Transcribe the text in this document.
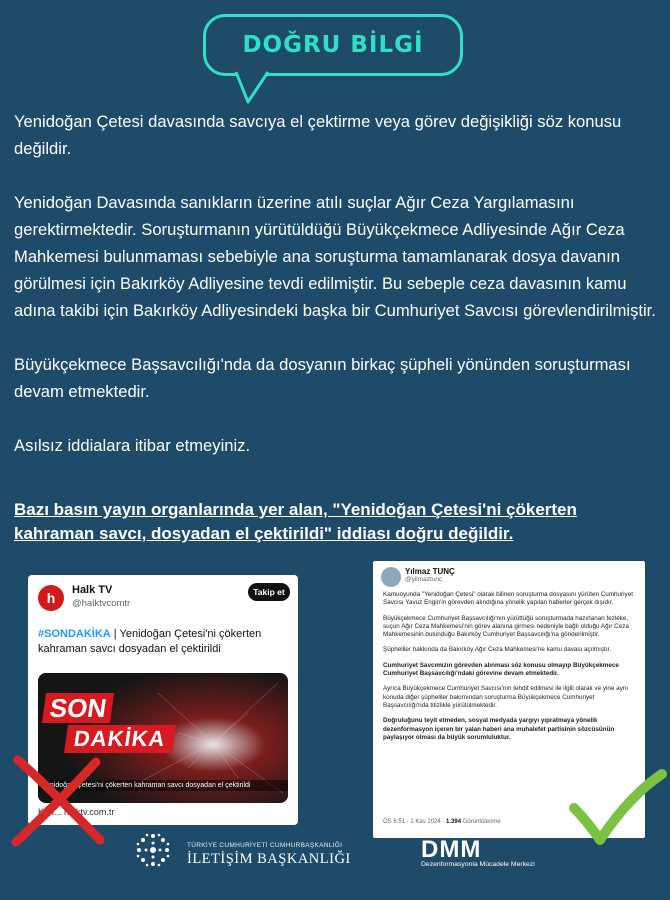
DOĞRU BİLGİ

Yenidoğan Çetesi davasında savcıya el çektirme veya görev değişikliği söz konusu değildir.

Yenidoğan Davasında sanıkların üzerine atılı suçlar Ağır Ceza Yargılamasını gerektirmektedir. Soruşturmanın yürütüldüğü Büyükçekmece Adliyesinde Ağır Ceza Mahkemesi bulunmaması sebebiyle ana soruşturma tamamlanarak dosya davanın görülmesi için Bakırköy Adliyesine tevdi edilmiştir. Bu sebeple ceza davasının kamu adına takibi için Bakırköy Adliyesindeki başka bir Cumhuriyet Savcısı görevlendirilmiştir.

Büyükçekmece Başsavcılığı'nda da dosyanın birkaç şüpheli yönünden soruşturması devam etmektedir.

Asılsız iddialara itibar etmeyiniz.

Bazı basın yayın organlarında yer alan, "Yenidoğan Çetesi'ni çökerten kahraman savcı, dosyadan el çektirildi" iddiası doğru değildir.
h	Halk TV
@halktvcomtr
Takip et
#SONDAKİKA | Yenidoğan Çetesi'ni çökerten kahraman savcı dosyadan el çektirildi
SON
DAKİKA
Yenidoğan Çetesi'ni çökerten kahraman savcı dosyadan el çektirildi
Kon... halktv.com.tr
Yılmaz TUNÇ
@yilmaztunc

Kamuoyunda "Yenidoğan Çetesi" olarak bilinen soruşturma dosyasını yürüten Cumhuriyet Savcısı Yavuz Engin'in görevden alındığına yönelik yapılan haberler gerçek dışıdır.

Büyükçekmece Cumhuriyet Başsavcılığı'nın yürüttüğü soruşturmada hazırlanan fezleke, suçun Ağır Ceza Mahkemesi'nin görev alanına girmesi nedeniyle bağlı olduğu Ağır Ceza Mahkemesinin bulunduğu Bakırköy Cumhuriyet Başsavcılığı'na gönderilmiştir.

Şüpheliler hakkında da Bakırköy Ağır Ceza Mahkemesi'ne kamu davası açılmıştır.

Cumhuriyet Savcımızın görevden alınması söz konusu olmayıp Büyükçekmece Cumhuriyet Başsavcılığı'ndaki görevine devam etmektedir.

Ayrıca Büyükçekmece Cumhuriyet Savcısı'nın tehdit edilmesi ile ilgili olarak ve yine aynı konuda diğer şüpheliler bakımından soruşturma Büyükçekmece Cumhuriyet Başsavcılığı'nda titizlikle yürütülmektedir.

Doğruluğunu teyit etmeden, sosyal medyada yargıyı yıpratmaya yönelik dezenformasyon içeren bir yalan haberi ana muhalefet partisinin sözcüsünün paylaşıyor olması da büyük sorumluluktur.

ÖS 6:51 · 1 Kas 2024 · 1.394 Görüntülenme
TÜRKİYE CUMHURİYETİ CUMHURBAŞKANLIĞI
İLETİŞİM BAŞKANLIĞI	DMM
Dezenformasyonla Mücadele Merkezi
